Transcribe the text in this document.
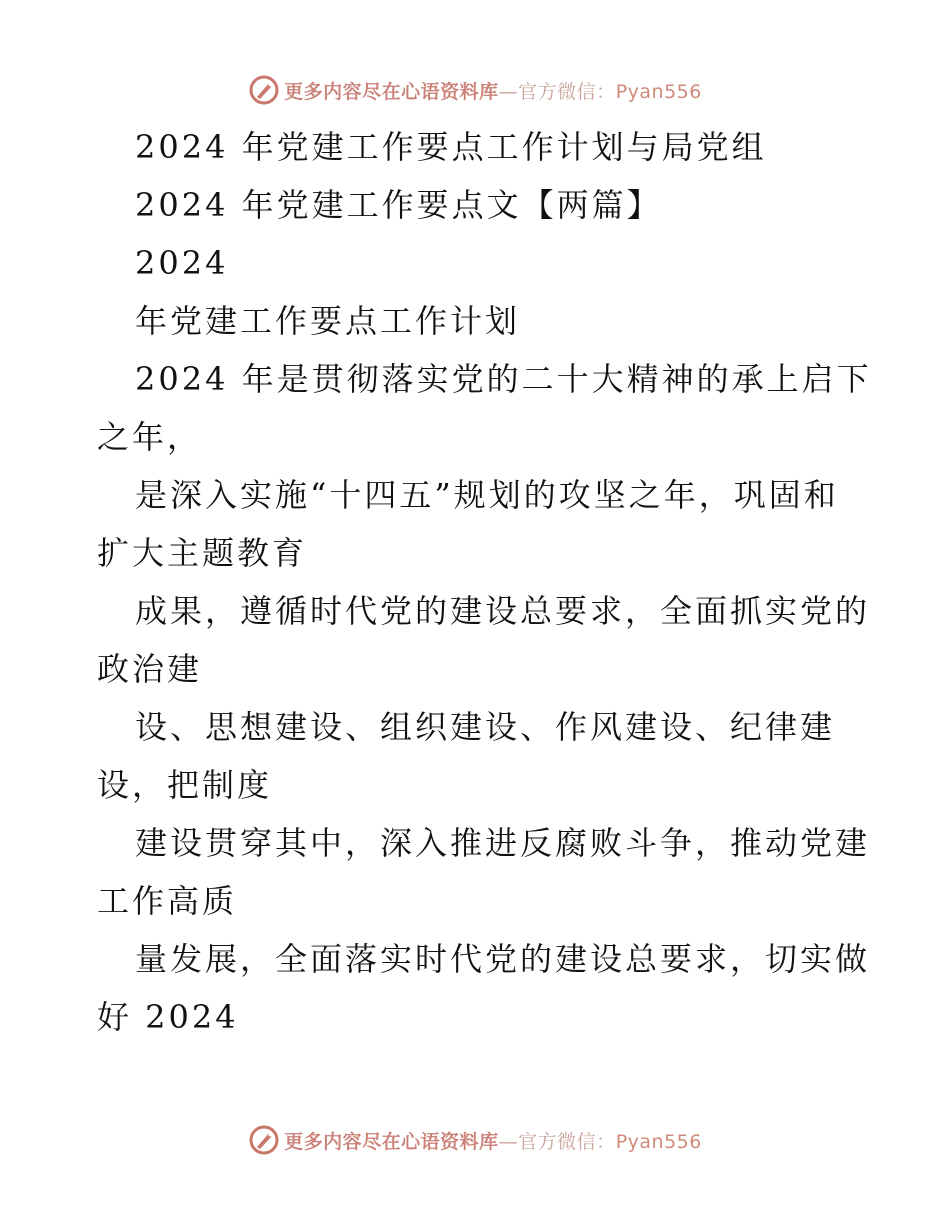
更多内容尽在心语资料库—官方微信：Pyan556
2024 年党建工作要点工作计划与局党组
2024 年党建工作要点文【两篇】
2024
年党建工作要点工作计划
2024 年是贯彻落实党的二十大精神的承上启下
之年，
是深入实施“十四五”规划的攻坚之年，巩固和
扩大主题教育
成果，遵循时代党的建设总要求，全面抓实党的
政治建
设、思想建设、组织建设、作风建设、纪律建
设，把制度
建设贯穿其中，深入推进反腐败斗争，推动党建
工作高质
量发展，全面落实时代党的建设总要求，切实做
好 2024
更多内容尽在心语资料库—官方微信：Pyan556
